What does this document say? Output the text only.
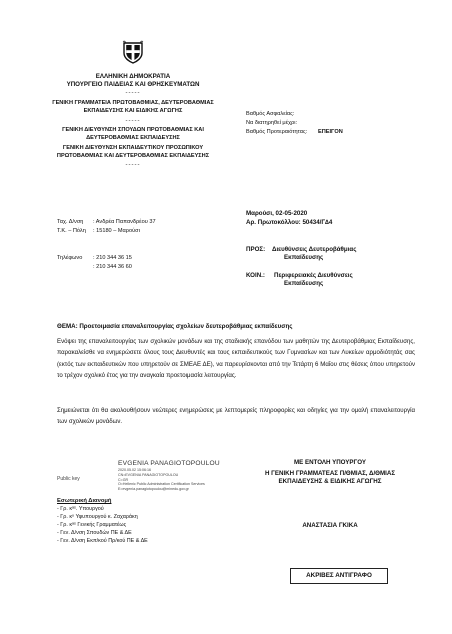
ΕΛΛΗΝΙΚΗ ΔΗΜΟΚΡΑΤΙΑ
ΥΠΟΥΡΓΕΙΟ ΠΑΙΔΕΙΑΣ ΚΑΙ ΘΡΗΣΚΕΥΜΑΤΩΝ
-----
ΓΕΝΙΚΗ ΓΡΑΜΜΑΤΕΙΑ ΠΡΩΤΟΒΑΘΜΙΑΣ, ΔΕΥΤΕΡΟΒΑΘΜΙΑΣ
ΕΚΠΑΙΔΕΥΣΗΣ ΚΑΙ ΕΙΔΙΚΗΣ ΑΓΩΓΗΣ
-----
ΓΕΝΙΚΗ ΔΙΕΥΘΥΝΣΗ ΣΠΟΥΔΩΝ ΠΡΩΤΟΒΑΘΜΙΑΣ ΚΑΙ
ΔΕΥΤΕΡΟΒΑΘΜΙΑΣ ΕΚΠΑΙΔΕΥΣΗΣ
ΓΕΝΙΚΗ ΔΙΕΥΘΥΝΣΗ ΕΚΠΑΙΔΕΥΤΙΚΟΥ ΠΡΟΣΩΠΙΚΟΥ
ΠΡΩΤΟΒΑΘΜΙΑΣ ΚΑΙ ΔΕΥΤΕΡΟΒΑΘΜΙΑΣ ΕΚΠΑΙΔΕΥΣΗΣ
-----
Βαθμός Ασφαλείας:
Να διατηρηθεί μέχρι:
Βαθμός Προτεραιότητας: ΕΠΕΙΓΟΝ
Μαρούσι, 02-05-2020
Αρ. Πρωτοκόλλου: 50434/Γ∆4
Ταχ. Δ/νση : Ανδρέα Παπανδρέου 37
Τ.Κ. – Πόλη : 15180 – Μαρούσι
Τηλέφωνο : 210 344 36 15
: 210 344 36 60
ΠΡΟΣ: Διευθύνσεις Δευτεροβάθμιας
Εκπαίδευσης
ΚΟΙΝ.: Περιφερειακές Διευθύνσεις
Εκπαίδευσης
ΘΕΜΑ: Προετοιμασία επαναλειτουργίας σχολείων δευτεροβάθμιας εκπαίδευσης
Ενόψει της επαναλειτουργίας των σχολικών μονάδων και της σταδιακής επανόδου των μαθητών της Δευτεροβάθμιας Εκπαίδευσης, παρακαλείσθε να ενημερώσετε όλους τους Διευθυντές και τους εκπαιδευτικούς των Γυμνασίων και των Λυκείων αρμοδιότητάς σας (εκτός των εκπαιδευτικών που υπηρετούν σε ΣΜΕΑΕ ΔΕ), να παρευρίσκονται από την Τετάρτη 6 Μαΐου στις θέσεις όπου υπηρετούν το τρέχον σχολικό έτος για την αναγκαία προετοιμασία λειτουργίας.
Σημειώνεται ότι θα ακολουθήσουν νεώτερες ενημερώσεις με λεπτομερείς πληροφορίες και οδηγίες για την ομαλή επαναλειτουργία των σχολικών μονάδων.
EVGENIA PANAGIOTOPOULOU
2020.05.02 15:06:16
CN=EVGENIA PANAGIOTOPOULOU
C=GR
O=Hellenic Public Administration Certification Services
E=evgenia.panagiotopoulou@minedu.gov.gr
Public key
ΜΕ ΕΝΤΟΛΗ ΥΠΟΥΡΓΟΥ
Η ΓΕΝΙΚΗ ΓΡΑΜΜΑΤΕΑΣ Π/ΘΜΙΑΣ, Δ/ΘΜΙΑΣ
ΕΚΠΑΙΔΕΥΣΗΣ & ΕΙΔΙΚΗΣ ΑΓΩΓΗΣ
ΑΝΑΣΤΑΣΙΑ ΓΚΙΚΑ
Εσωτερική Διανομή
- Γρ. κᵃˢ. Υπουργού
- Γρ. κᵘ Υφυπουργού κ. Ζαχαράκη
- Γρ. κᵃˢ Γενικής Γραμματέως
- Γεν. Δ/νση Σπουδών ΠΕ & ΔΕ
- Γεν. Δ/νση Εκπ/κού Πρ/κού ΠΕ & ΔΕ
ΑΚΡΙΒΕΣ ΑΝΤΙΓΡΑΦΟ
